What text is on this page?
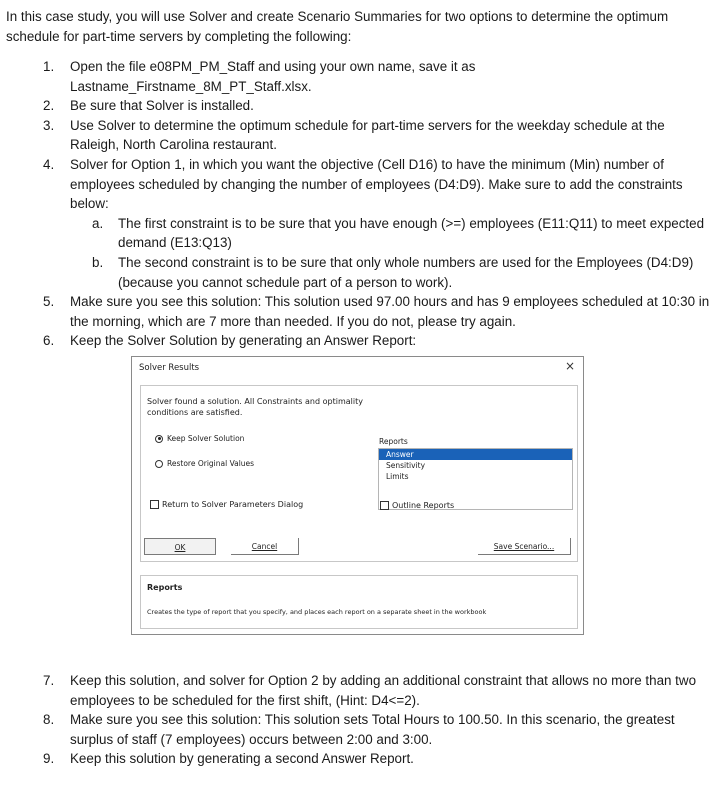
In this case study, you will use Solver and create Scenario Summaries for two options to determine the optimum schedule for part-time servers by completing the following:

1.	Open the file e08PM_PM_Staff and using your own name, save it as Lastname_Firstname_8M_PT_Staff.xlsx.
2.	Be sure that Solver is installed.
3.	Use Solver to determine the optimum schedule for part-time servers for the weekday schedule at the Raleigh, North Carolina restaurant.
4.	Solver for Option 1, in which you want the objective (Cell D16) to have the minimum (Min) number of employees scheduled by changing the number of employees (D4:D9). Make sure to add the constraints below:
a. The first constraint is to be sure that you have enough (>=) employees (E11:Q11) to meet expected demand (E13:Q13)
b. The second constraint is to be sure that only whole numbers are used for the Employees (D4:D9) (because you cannot schedule part of a person to work).
5.	Make sure you see this solution: This solution used 97.00 hours and has 9 employees scheduled at 10:30 in the morning, which are 7 more than needed. If you do not, please try again.
6.	Keep the Solver Solution by generating an Answer Report:
Solver Results	×
Solver found a solution. All Constraints and optimality conditions are satisfied.
Keep Solver Solution
Restore Original Values
Reports
Answer
Sensitivity
Limits
Return to Solver Parameters Dialog	Outline Reports
OK	Cancel	Save Scenario...
Reports
Creates the type of report that you specify, and places each report on a separate sheet in the workbook
7.	Keep this solution, and solver for Option 2 by adding an additional constraint that allows no more than two employees to be scheduled for the first shift, (Hint: D4<=2).
8.	Make sure you see this solution: This solution sets Total Hours to 100.50. In this scenario, the greatest surplus of staff (7 employees) occurs between 2:00 and 3:00.
9.	Keep this solution by generating a second Answer Report.
